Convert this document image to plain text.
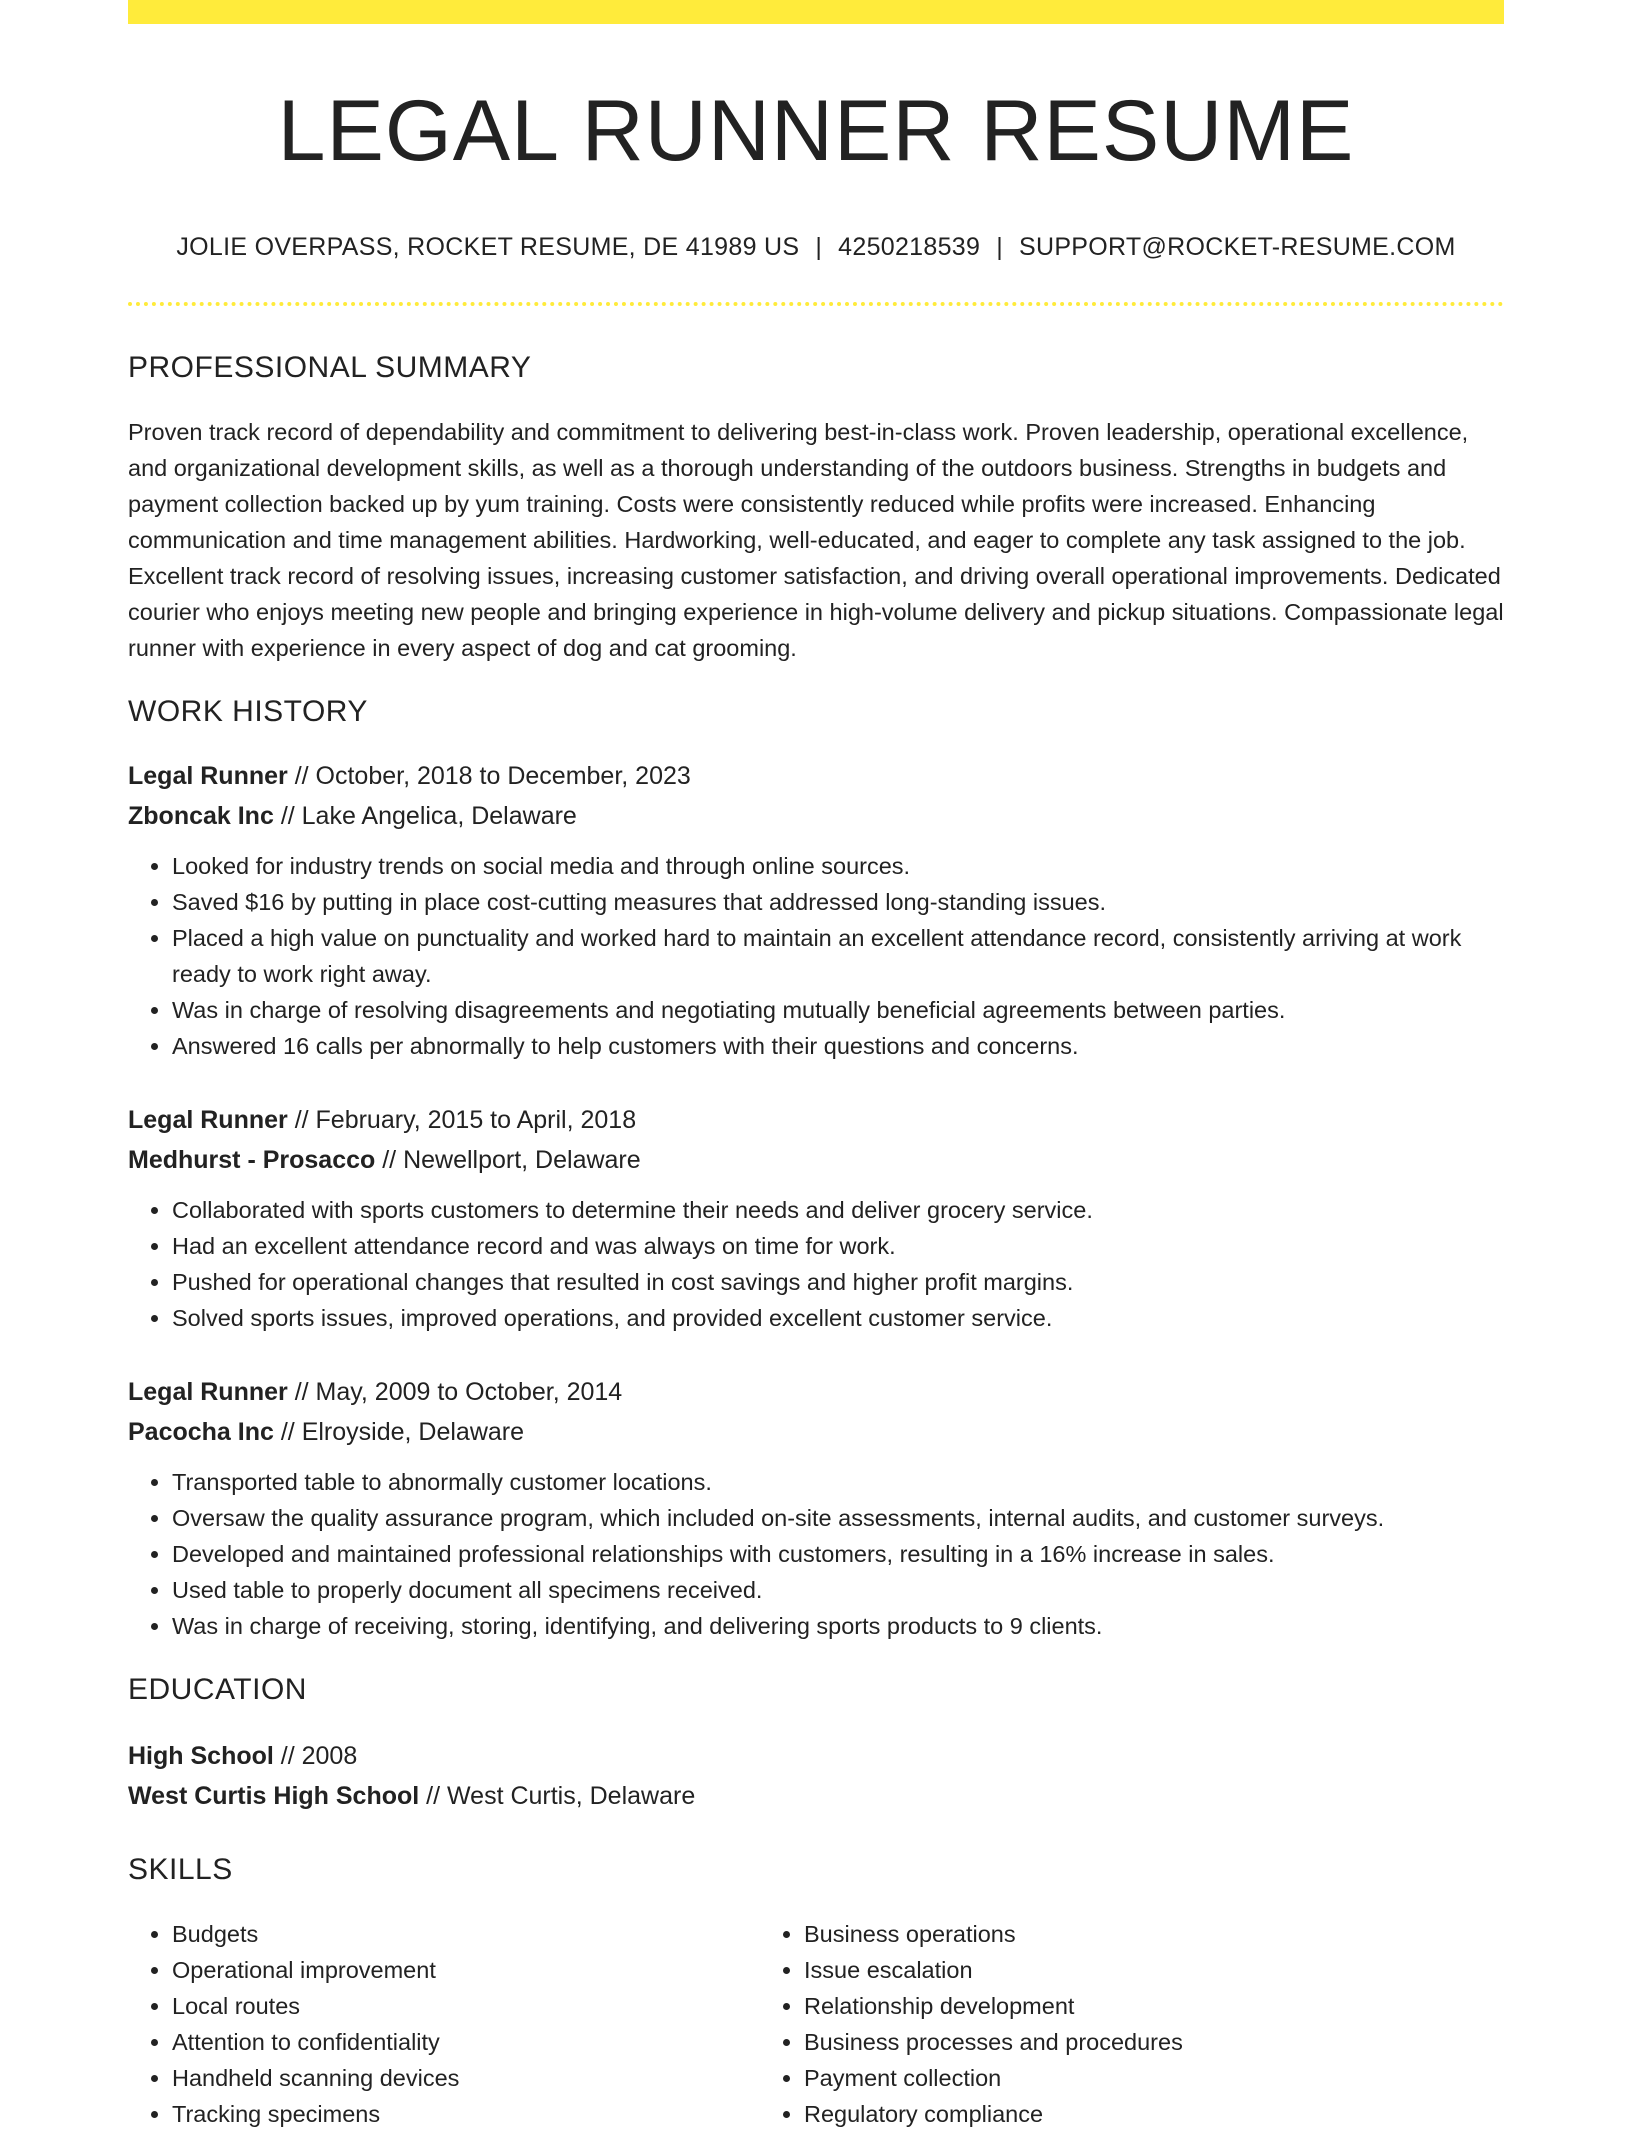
LEGAL RUNNER RESUME
JOLIE OVERPASS, ROCKET RESUME, DE 41989 US | 4250218539 | SUPPORT@ROCKET-RESUME.COM
PROFESSIONAL SUMMARY

Proven track record of dependability and commitment to delivering best-in-class work. Proven leadership, operational excellence, and organizational development skills, as well as a thorough understanding of the outdoors business. Strengths in budgets and payment collection backed up by yum training. Costs were consistently reduced while profits were increased. Enhancing communication and time management abilities. Hardworking, well-educated, and eager to complete any task assigned to the job. Excellent track record of resolving issues, increasing customer satisfaction, and driving overall operational improvements. Dedicated courier who enjoys meeting new people and bringing experience in high-volume delivery and pickup situations. Compassionate legal runner with experience in every aspect of dog and cat grooming.

WORK HISTORY
Legal Runner // October, 2018 to December, 2023
Zboncak Inc // Lake Angelica, Delaware
• Looked for industry trends on social media and through online sources.
• Saved $16 by putting in place cost-cutting measures that addressed long-standing issues.
• Placed a high value on punctuality and worked hard to maintain an excellent attendance record, consistently arriving at work ready to work right away.
• Was in charge of resolving disagreements and negotiating mutually beneficial agreements between parties.
• Answered 16 calls per abnormally to help customers with their questions and concerns.
Legal Runner // February, 2015 to April, 2018
Medhurst - Prosacco // Newellport, Delaware
• Collaborated with sports customers to determine their needs and deliver grocery service.
• Had an excellent attendance record and was always on time for work.
• Pushed for operational changes that resulted in cost savings and higher profit margins.
• Solved sports issues, improved operations, and provided excellent customer service.
Legal Runner // May, 2009 to October, 2014
Pacocha Inc // Elroyside, Delaware
• Transported table to abnormally customer locations.
• Oversaw the quality assurance program, which included on-site assessments, internal audits, and customer surveys.
• Developed and maintained professional relationships with customers, resulting in a 16% increase in sales.
• Used table to properly document all specimens received.
• Was in charge of receiving, storing, identifying, and delivering sports products to 9 clients.
EDUCATION
High School // 2008
West Curtis High School // West Curtis, Delaware
SKILLS
• Budgets
• Operational improvement
• Local routes
• Attention to confidentiality
• Handheld scanning devices
• Tracking specimens
• Business operations
• Issue escalation
• Relationship development
• Business processes and procedures
• Payment collection
• Regulatory compliance
